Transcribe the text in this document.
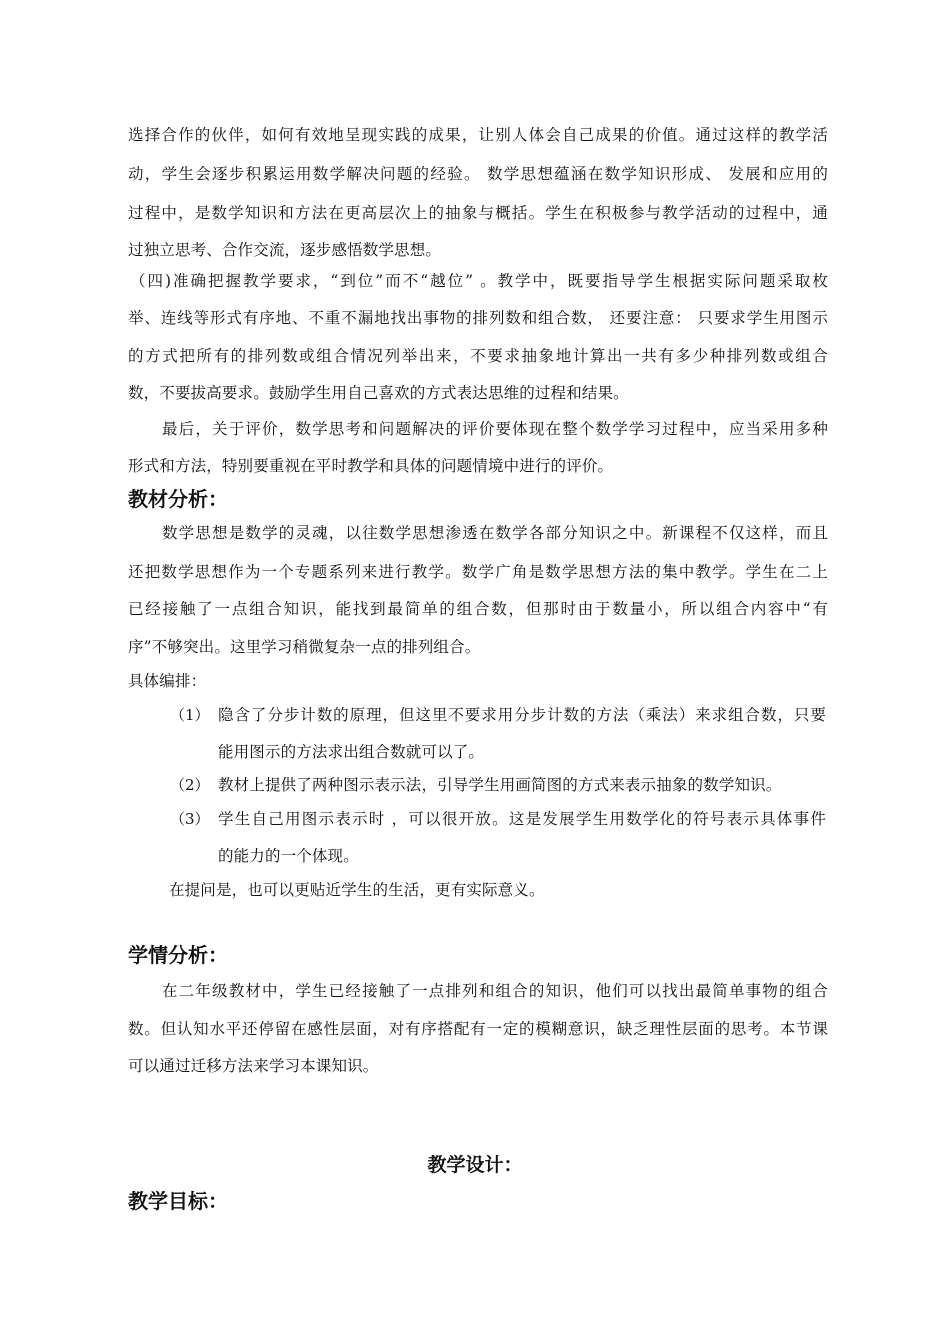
选择合作的伙伴，如何有效地呈现实践的成果，让别人体会自己成果的价值。通过这样的教学活
动，学生会逐步积累运用数学解决问题的经验。 数学思想蕴涵在数学知识形成、 发展和应用的
过程中，是数学知识和方法在更高层次上的抽象与概括。学生在积极参与教学活动的过程中，通
过独立思考、合作交流，逐步感悟数学思想。
（四)准确把握教学要求，“到位”而不“越位” 。教学中，既要指导学生根据实际问题采取枚
举、连线等形式有序地、不重不漏地找出事物的排列数和组合数， 还要注意： 只要求学生用图示
的方式把所有的排列数或组合情况列举出来，不要求抽象地计算出一共有多少种排列数或组合
数，不要拔高要求。鼓励学生用自己喜欢的方式表达思维的过程和结果。
最后，关于评价，数学思考和问题解决的评价要体现在整个数学学习过程中，应当采用多种
形式和方法，特别要重视在平时教学和具体的问题情境中进行的评价。
教材分析：
数学思想是数学的灵魂，以往数学思想渗透在数学各部分知识之中。新课程不仅这样，而且
还把数学思想作为一个专题系列来进行教学。数学广角是数学思想方法的集中教学。学生在二上
已经接触了一点组合知识，能找到最简单的组合数，但那时由于数量小，所以组合内容中“有
序”不够突出。这里学习稍微复杂一点的排列组合。
具体编排：
（1） 隐含了分步计数的原理，但这里不要求用分步计数的方法（乘法）来求组合数，只要
能用图示的方法求出组合数就可以了。
（2） 教材上提供了两种图示表示法，引导学生用画简图的方式来表示抽象的数学知识。
（3） 学生自己用图示表示时 ，可以很开放。这是发展学生用数学化的符号表示具体事件
的能力的一个体现。
在提问是，也可以更贴近学生的生活，更有实际意义。
学情分析：
在二年级教材中，学生已经接触了一点排列和组合的知识，他们可以找出最简单事物的组合
数。但认知水平还停留在感性层面，对有序搭配有一定的模糊意识，缺乏理性层面的思考。本节课
可以通过迁移方法来学习本课知识。
教学设计：
教学目标：
